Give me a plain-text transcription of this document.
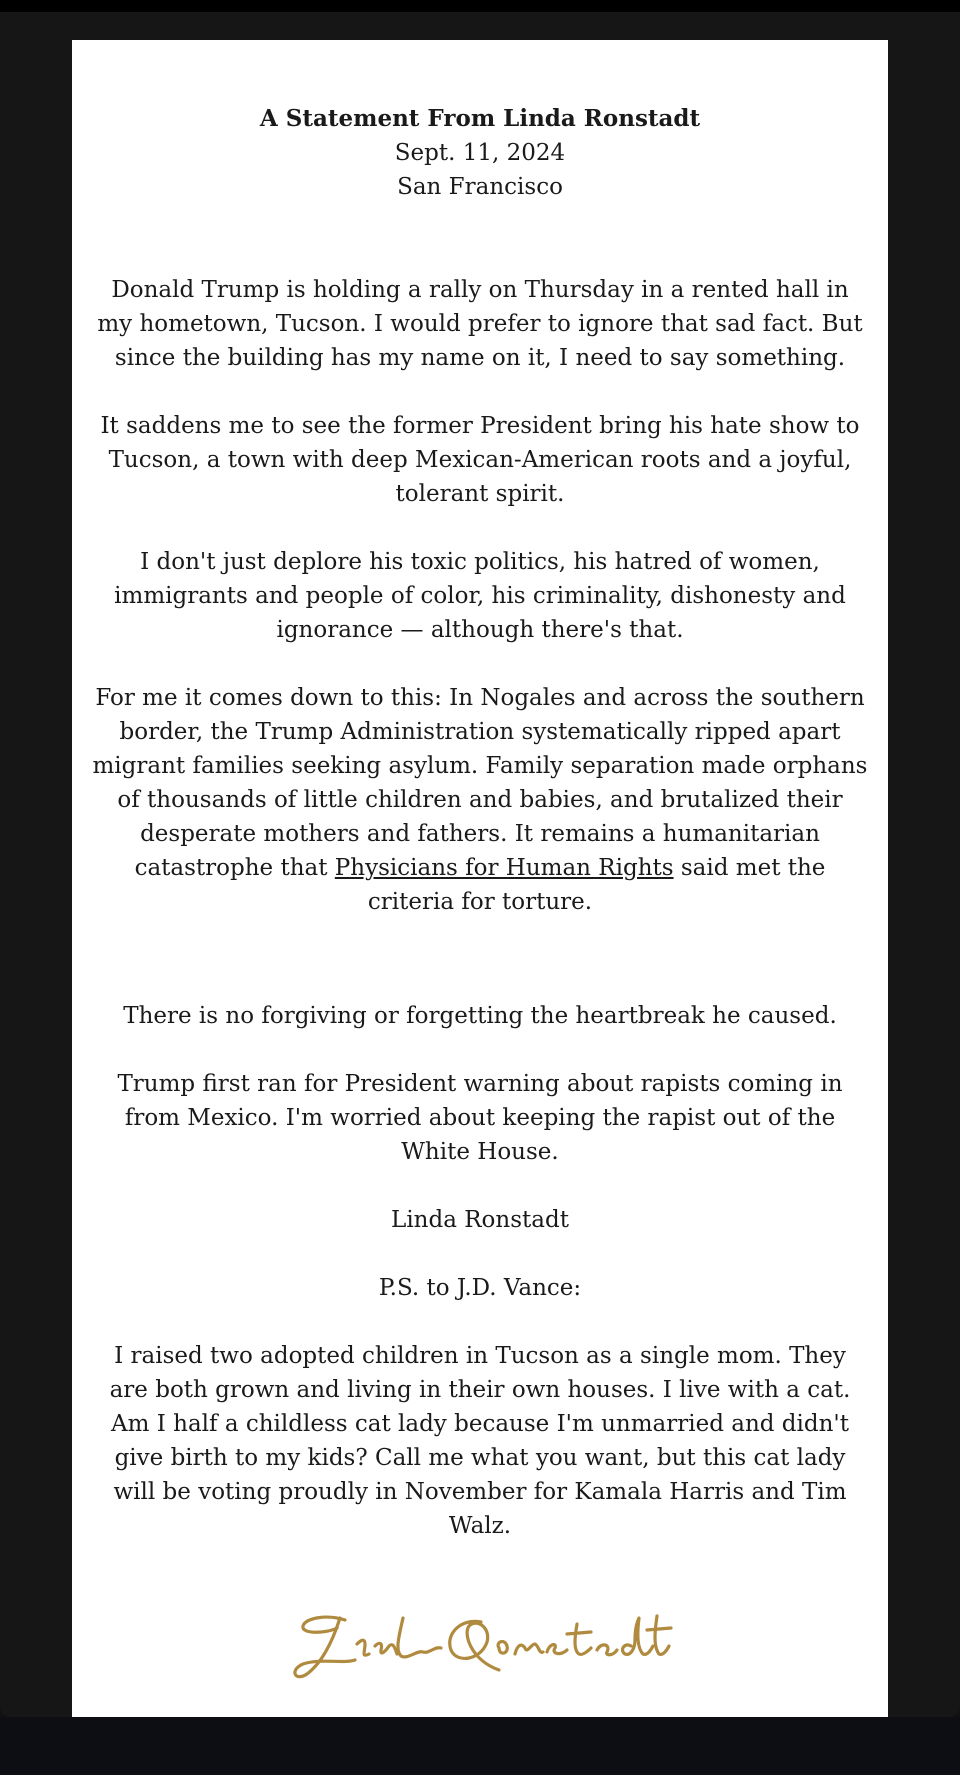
A Statement From Linda Ronstadt
Sept. 11, 2024
San Francisco

Donald Trump is holding a rally on Thursday in a rented hall in my hometown, Tucson. I would prefer to ignore that sad fact. But since the building has my name on it, I need to say something.

It saddens me to see the former President bring his hate show to Tucson, a town with deep Mexican-American roots and a joyful, tolerant spirit.

I don't just deplore his toxic politics, his hatred of women, immigrants and people of color, his criminality, dishonesty and ignorance — although there's that.

For me it comes down to this: In Nogales and across the southern border, the Trump Administration systematically ripped apart migrant families seeking asylum. Family separation made orphans of thousands of little children and babies, and brutalized their desperate mothers and fathers. It remains a humanitarian catastrophe that Physicians for Human Rights said met the criteria for torture.

There is no forgiving or forgetting the heartbreak he caused.

Trump first ran for President warning about rapists coming in from Mexico. I'm worried about keeping the rapist out of the White House.

Linda Ronstadt

P.S. to J.D. Vance:

I raised two adopted children in Tucson as a single mom. They are both grown and living in their own houses. I live with a cat. Am I half a childless cat lady because I'm unmarried and didn't give birth to my kids? Call me what you want, but this cat lady will be voting proudly in November for Kamala Harris and Tim Walz.
